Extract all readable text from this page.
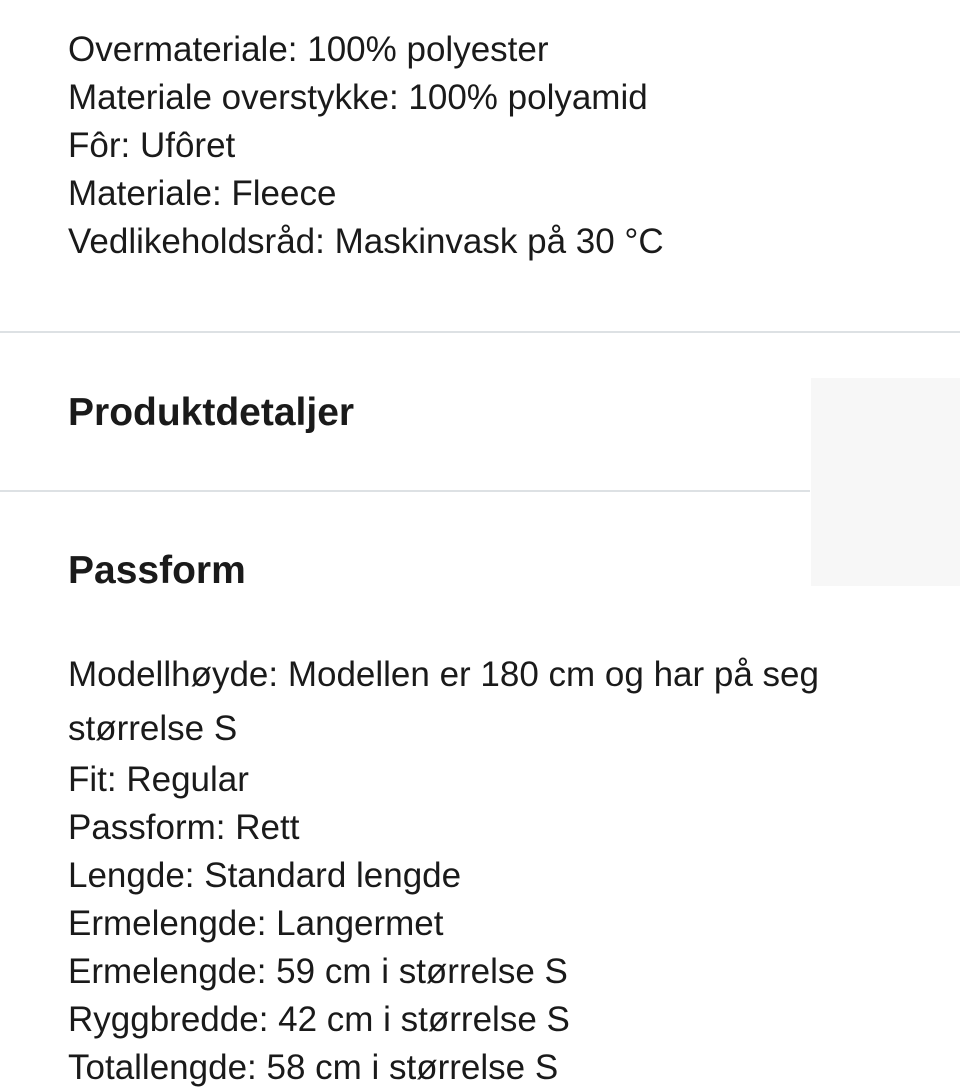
Overmateriale: 100% polyester
Materiale overstykke: 100% polyamid
Fôr: Ufôret
Materiale: Fleece
Vedlikeholdsråd: Maskinvask på 30 °C
Produktdetaljer
Passform
Modellhøyde: Modellen er 180 cm og har på seg størrelse S
Fit: Regular
Passform: Rett
Lengde: Standard lengde
Ermelengde: Langermet
Ermelengde: 59 cm i størrelse S
Ryggbredde: 42 cm i størrelse S
Totallengde: 58 cm i størrelse S
